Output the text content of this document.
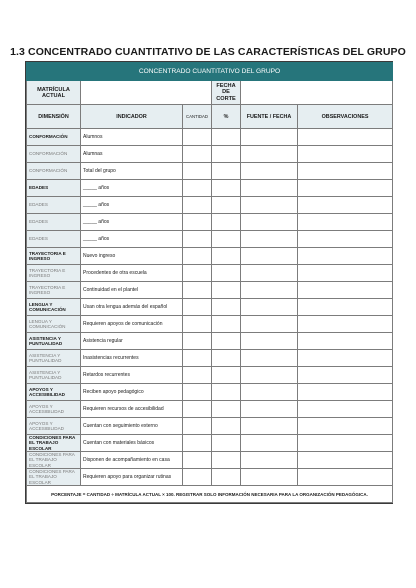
1.3 CONCENTRADO CUANTITATIVO DE LAS CARACTERÍSTICAS DEL GRUPO
CONCENTRADO CUANTITATIVO DEL GRUPO					
MATRÍCULA ACTUAL			FECHA DE CORTE		
DIMENSIÓN	INDICADOR	CANTIDAD	%	FUENTE / FECHA	OBSERVACIONES
CONFORMACIÓN	Alumnos				
CONFORMACIÓN	Alumnas				
CONFORMACIÓN	Total del grupo				
EDADES	_____ años				
EDADES	_____ años				
EDADES	_____ años				
EDADES	_____ años				
TRAYECTORIA E INGRESO	Nuevo ingreso				
TRAYECTORIA E INGRESO	Procedentes de otra escuela				
TRAYECTORIA E INGRESO	Continuidad en el plantel				
LENGUA Y COMUNICACIÓN	Usan otra lengua además del español				
LENGUA Y COMUNICACIÓN	Requieren apoyos de comunicación				
ASISTENCIA Y PUNTUALIDAD	Asistencia regular				
ASISTENCIA Y PUNTUALIDAD	Inasistencias recurrentes				
ASISTENCIA Y PUNTUALIDAD	Retardos recurrentes				
APOYOS Y ACCESIBILIDAD	Reciben apoyo pedagógico				
APOYOS Y ACCESIBILIDAD	Requieren recursos de accesibilidad				
APOYOS Y ACCESIBILIDAD	Cuentan con seguimiento externo				
CONDICIONES PARA EL TRABAJO ESCOLAR	Cuentan con materiales básicos				
CONDICIONES PARA EL TRABAJO ESCOLAR	Disponen de acompañamiento en casa				
CONDICIONES PARA EL TRABAJO ESCOLAR	Requieren apoyo para organizar rutinas				
PORCENTAJE = CANTIDAD ÷ MATRÍCULA ACTUAL × 100. REGISTRAR SOLO INFORMACIÓN NECESARIA PARA LA ORGANIZACIÓN PEDAGÓGICA.					
